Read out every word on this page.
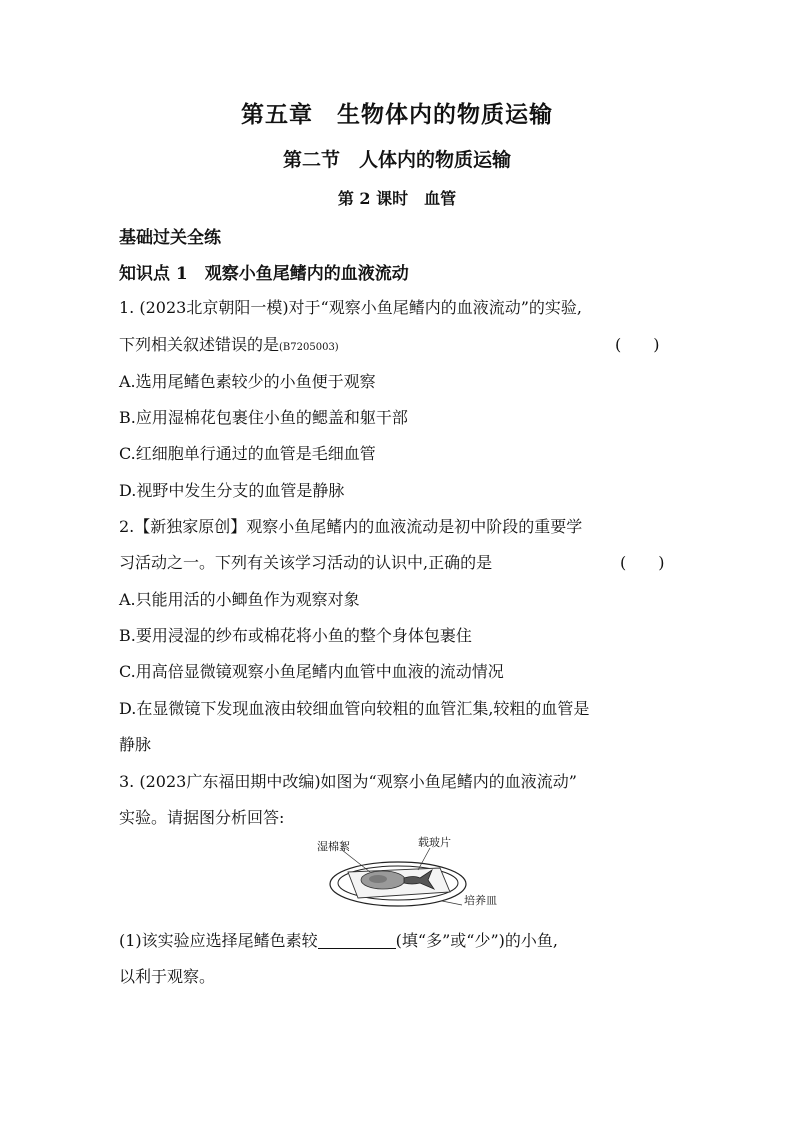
第五章　生物体内的物质运输
第二节　人体内的物质运输
第 2 课时　血管
基础过关全练
知识点 1　观察小鱼尾鳍内的血液流动
1. (2023北京朝阳一模)对于“观察小鱼尾鳍内的血液流动”的实验,
下列相关叙述错误的是(B7205003)	(　　)
A.选用尾鳍色素较少的小鱼便于观察
B.应用湿棉花包裹住小鱼的鳃盖和躯干部
C.红细胞单行通过的血管是毛细血管
D.视野中发生分支的血管是静脉
2.【新独家原创】观察小鱼尾鳍内的血液流动是初中阶段的重要学
习活动之一。下列有关该学习活动的认识中,正确的是	(　　)
A.只能用活的小鲫鱼作为观察对象
B.要用浸湿的纱布或棉花将小鱼的整个身体包裹住
C.用高倍显微镜观察小鱼尾鳍内血管中血液的流动情况
D.在显微镜下发现血液由较细血管向较粗的血管汇集,较粗的血管是
静脉
3. (2023广东福田期中改编)如图为“观察小鱼尾鳍内的血液流动”
实验。请据图分析回答:
湿棉絮	载玻片
培养皿
(1)该实验应选择尾鳍色素较	(填“多”或“少”)的小鱼,
以利于观察。
